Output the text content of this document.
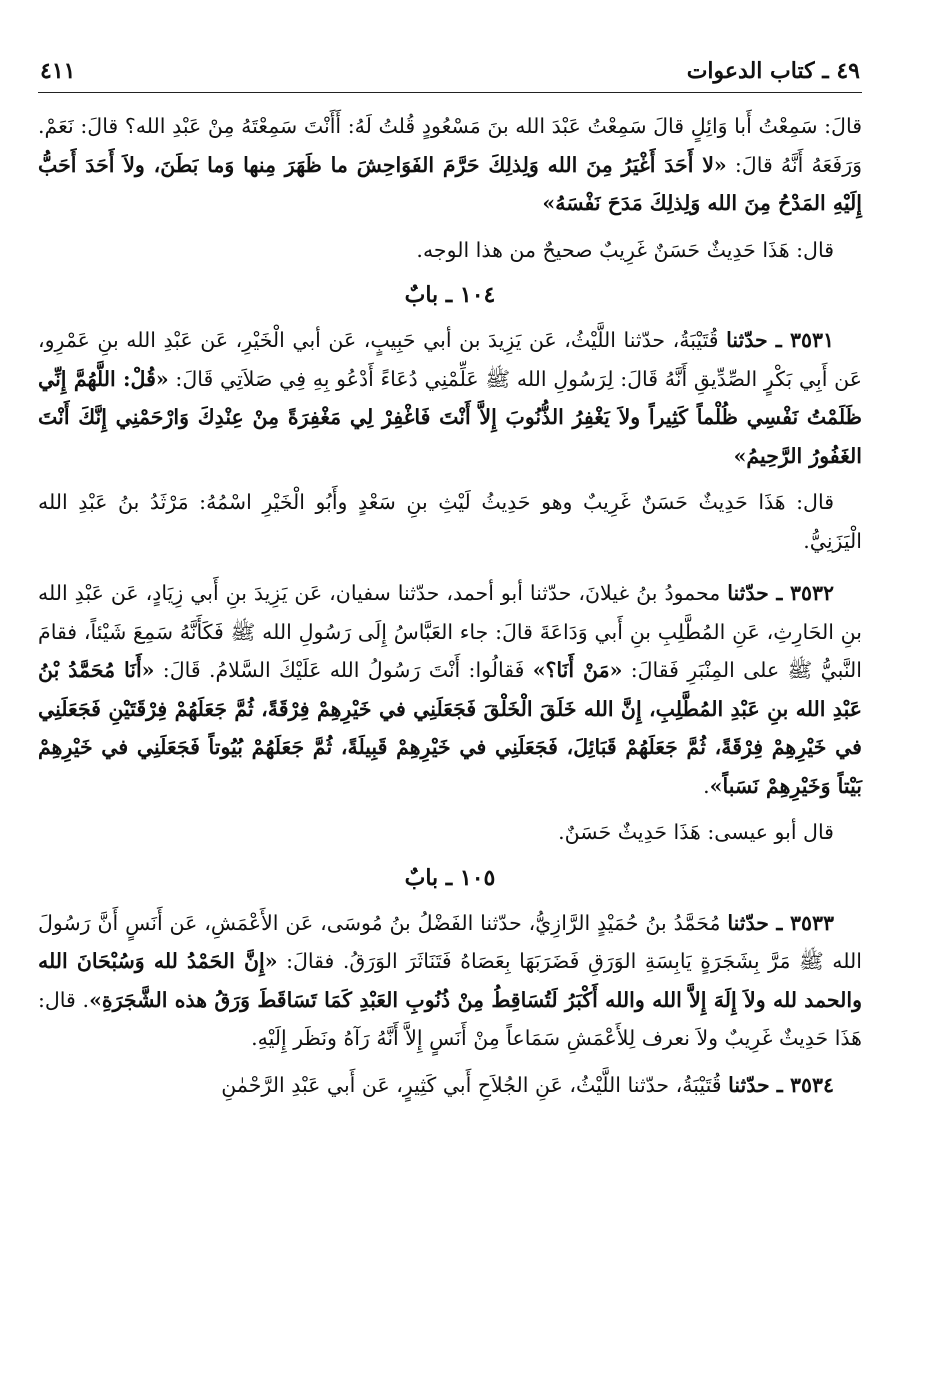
٤٩ ـ كتاب الدعوات
٤١١

قالَ: سَمِعْتُ أَبا وَائِلٍ قالَ سَمِعْتُ عَبْدَ الله بنَ مَسْعُودٍ قُلتُ لَهُ: أَأَنْتَ سَمِعْتَهُ مِنْ عَبْدِ الله؟ قالَ: نَعَمْ. وَرَفَعَهُ أَنَّهُ قالَ: «لا أَحَدَ أَغْيَرُ مِنَ الله وَلِذلِكَ حَرَّمَ الفَوَاحِشَ ما ظَهَرَ مِنها وَما بَطَنَ، ولاَ أَحَدَ أَحَبُّ إِلَيْهِ المَدْحُ مِنَ الله وَلِذلِكَ مَدَحَ نَفْسَهُ»

قال: هَذَا حَدِيثٌ حَسَنٌ غَرِيبٌ صحيحٌ من هذا الوجه.

١٠٤ ـ بابٌ

٣٥٣١ ـ حدّثنا قُتَيْبَةُ، حدّثنا اللَّيْثُ، عَن يَزِيدَ بن أبي حَبِيبٍ، عَن أبي الْخَيْرِ، عَن عَبْدِ الله بنِ عَمْرِو، عَن أَبِي بَكْرٍ الصِّدِّيقِ أَنَّهُ قَالَ: لِرَسُولِ الله ﷺ عَلِّمْنِي دُعَاءً أَدْعُو بِهِ فِي صَلاَتِي قَالَ: «قُلْ: اللَّهُمَّ إِنِّي ظَلَمْتُ نَفْسِي ظُلْماً كَثِيراً ولاَ يَغْفِرُ الذُّنُوبَ إِلاَّ أَنْتَ فَاغْفِرْ لِي مَغْفِرَةً مِنْ عِنْدِكَ وَارْحَمْنِي إِنَّكَ أَنْتَ الغَفُورُ الرَّحِيمُ»

قال: هَذَا حَدِيثٌ حَسَنٌ غَرِيبٌ وهو حَدِيثُ لَيْثِ بنِ سَعْدٍ وأَبُو الْخَيْرِ اسْمُهُ: مَرْثَدُ بنُ عَبْدِ الله الْيَزَنِيُّ.

٣٥٣٢ ـ حدّثنا محمودُ بنُ غيلانَ، حدّثنا أبو أحمد، حدّثنا سفيان، عَن يَزِيدَ بنِ أَبي زِيَادٍ، عَن عَبْدِ الله بنِ الحَارِثِ، عَنِ المُطَّلِبِ بنِ أَبي وَدَاعَةَ قالَ: جاء العَبَّاسُ إِلَى رَسُولِ الله ﷺ فَكَأَنَّهُ سَمِعَ شَيْئاً، فقامَ النَّبيُّ ﷺ على المِنْبَرِ فَقالَ: «مَنْ أَنَا؟» فَقالُوا: أَنْتَ رَسُولُ الله عَلَيْكَ السَّلامُ. قَالَ: «أَنَا مُحَمَّدُ بْنُ عَبْدِ الله بنِ عَبْدِ المُطَّلِبِ، إِنَّ الله خَلَقَ الْخَلْقَ فَجَعَلَنِي في خَيْرِهِمْ فِرْقَةً، ثُمَّ جَعَلَهُمْ فِرْقَتَيْنِ فَجَعَلَنِي في خَيْرِهِمْ فِرْقَةً، ثُمَّ جَعَلَهُمْ قَبَائِلَ، فَجَعَلَنِي في خَيْرِهِمْ قَبِيلَةً، ثُمَّ جَعَلَهُمْ بُيُوتاً فَجَعَلَنِي في خَيْرِهِمْ بَيْتاً وَخَيْرِهِمْ نَسَباً».

قال أبو عيسى: هَذَا حَدِيثٌ حَسَنٌ.

١٠٥ ـ بابٌ

٣٥٣٣ ـ حدّثنا مُحَمَّدُ بنُ حُمَيْدٍ الرَّازِيُّ، حدّثنا الفَضْلُ بنُ مُوسَى، عَن الأَعْمَشِ، عَن أَنَسٍ أَنَّ رَسُولَ الله ﷺ مَرَّ بِشَجَرَةٍ يَابِسَةِ الوَرَقِ فَضَرَبَهَا بِعَصَاهُ فَتَنَاثَرَ الوَرَقُ. فقالَ: «إِنَّ الحَمْدُ لله وَسُبْحَانَ الله والحمد لله ولاَ إِلَهَ إِلاَّ الله والله أَكْبَرُ لَتُسَاقِطُ مِنْ ذُنُوبِ العَبْدِ كَمَا تَسَاقَطَ وَرَقُ هذه الشَّجَرَةِ». قال: هَذَا حَدِيثٌ غَرِيبٌ ولاَ نعرف لِلأَعْمَشِ سَمَاعاً مِنْ أَنَسٍ إِلاَّ أَنَّهُ رَآهُ ونَظَر إِلَيْهِ.

٣٥٣٤ ـ حدّثنا قُتَيْبَةُ، حدّثنا اللَّيْثُ، عَنِ الجُلاَحِ أَبي كَثِيرٍ، عَن أَبي عَبْدِ الرَّحْمٰنِ
